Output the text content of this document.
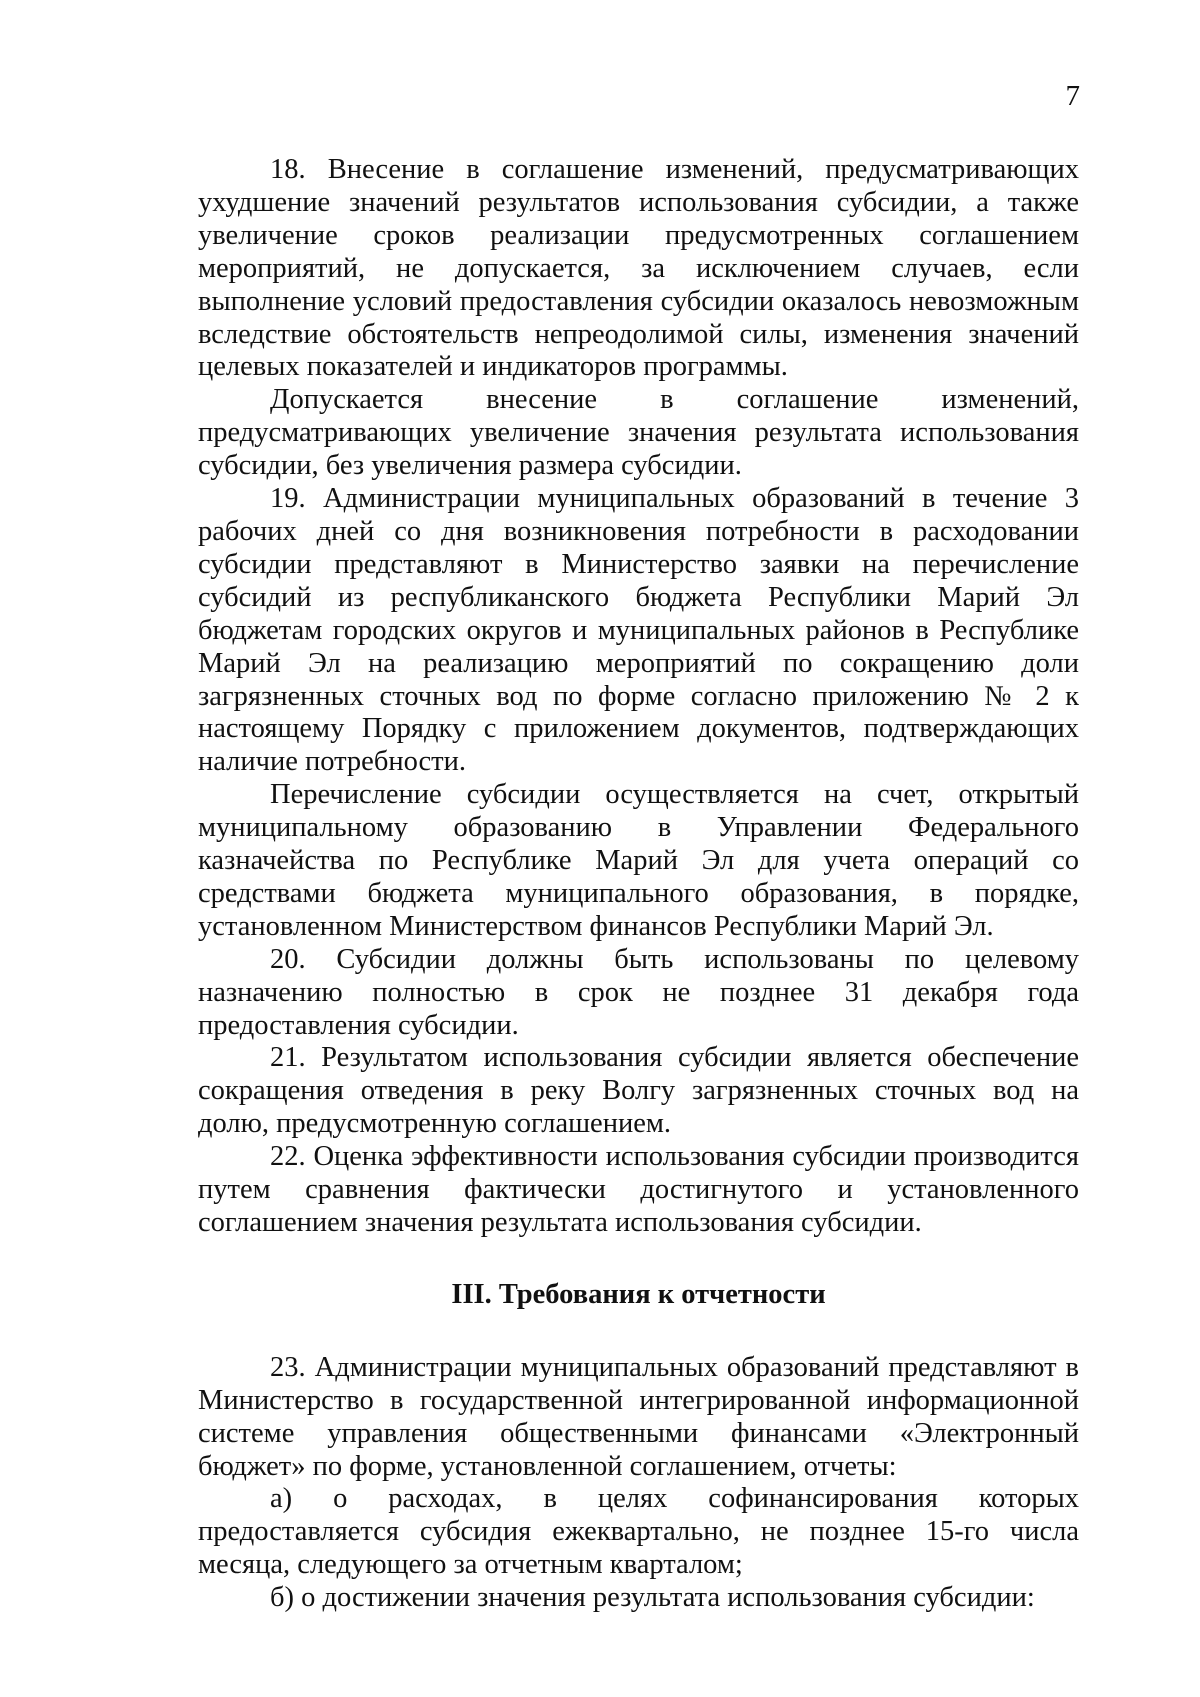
7

18. Внесение в соглашение изменений, предусматривающих ухудшение значений результатов использования субсидии, а также увеличение сроков реализации предусмотренных соглашением мероприятий, не допускается, за исключением случаев, если выполнение условий предоставления субсидии оказалось невозможным вследствие обстоятельств непреодолимой силы, изменения значений целевых показателей и индикаторов программы.

Допускается внесение в соглашение изменений, предусматривающих увеличение значения результата использования субсидии, без увеличения размера субсидии.

19. Администрации муниципальных образований в течение 3 рабочих дней со дня возникновения потребности в расходовании субсидии представляют в Министерство заявки на перечисление субсидий из республиканского бюджета Республики Марий Эл бюджетам городских округов и муниципальных районов в Республике Марий Эл на реализацию мероприятий по сокращению доли загрязненных сточных вод по форме согласно приложению № 2 к настоящему Порядку с приложением документов, подтверждающих наличие потребности.

Перечисление субсидии осуществляется на счет, открытый муниципальному образованию в Управлении Федерального казначейства по Республике Марий Эл для учета операций со средствами бюджета муниципального образования, в порядке, установленном Министерством финансов Республики Марий Эл.

20. Субсидии должны быть использованы по целевому назначению полностью в срок не позднее 31 декабря года предоставления субсидии.

21. Результатом использования субсидии является обеспечение сокращения отведения в реку Волгу загрязненных сточных вод на долю, предусмотренную соглашением.

22. Оценка эффективности использования субсидии производится путем сравнения фактически достигнутого и установленного соглашением значения результата использования субсидии.

III. Требования к отчетности

23. Администрации муниципальных образований представляют в Министерство в государственной интегрированной информационной системе управления общественными финансами «Электронный бюджет» по форме, установленной соглашением, отчеты:

а) о расходах, в целях софинансирования которых предоставляется субсидия ежеквартально, не позднее 15-го числа месяца, следующего за отчетным кварталом;

б) о достижении значения результата использования субсидии:
